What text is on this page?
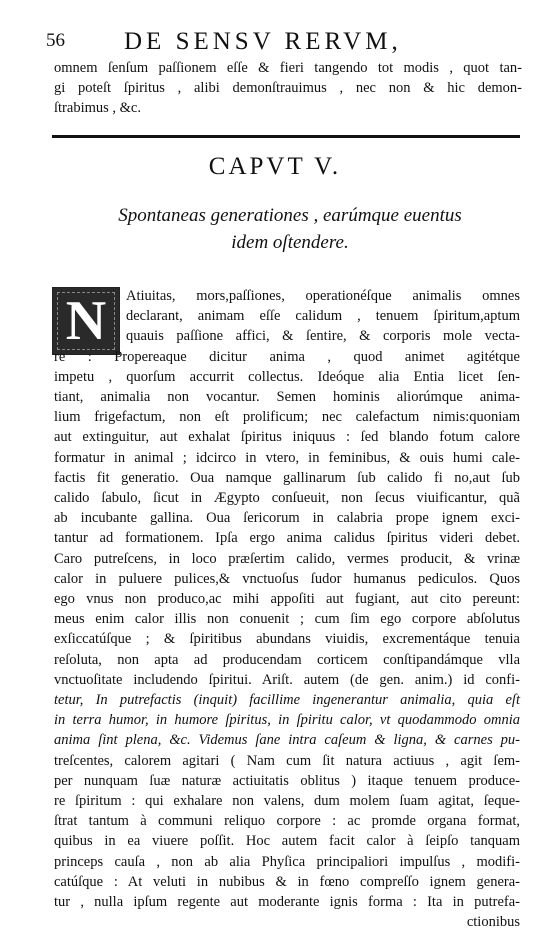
56 DE SENSV RERVM,
omnem ſenſum paſſionem eſſe & fieri tangendo tot modis , quot tan-
gi poteſt ſpiritus , alibi demonſtrauimus , nec non & hic demon-
ſtrabimus , &c.
CAPVT V.
Spontaneas generationes , earúmque euentus
idem oſtendere.
N	Atiuitas, mors,paſſiones, operationéſque animalis omnes
declarant, animam eſſe calidum , tenuem ſpiritum,aptum
quauis paſſione affici, & ſentire, & corporis mole vecta-
re : Propereaque dicitur anima , quod animet agitétque
impetu , quorſum accurrit collectus. Ideóque alia Entia licet ſen-
tiant, animalia non vocantur. Semen hominis aliorúmque anima-
lium frigefactum, non eſt prolificum; nec calefactum nimis:quoniam
aut extinguitur, aut exhalat ſpiritus iniquus : ſed blando fotum calore
formatur in animal ; idcirco in vtero, in feminibus, & ouis humi cale-
factis fit generatio. Oua namque gallinarum ſub calido fi no,aut ſub
calido ſabulo, ſicut in Ægypto conſueuit, non ſecus viuificantur, quã
ab incubante gallina. Oua ſericorum in calabria prope ignem exci-
tantur ad formationem. Ipſa ergo anima calidus ſpiritus videri debet.
Caro putreſcens, in loco præſertim calido, vermes producit, & vrinæ
calor in puluere pulices,& vnctuoſus ſudor humanus pediculos. Quos
ego vnus non produco,ac mihi appoſiti aut fugiant, aut cito pereunt:
meus enim calor illis non conuenit ; cum ſim ego corpore abſolutus
exſiccatúſque ; & ſpiritibus abundans viuidis, excrementáque tenuia
reſoluta, non apta ad producendam corticem conſtipandámque vlla
vnctuoſitate includendo ſpiritui. Ariſt. autem (de gen. anim.) id confi-
tetur, In putrefactis (inquit) facillime ingenerantur animalia, quia eſt
in terra humor, in humore ſpiritus, in ſpiritu calor, vt quodammodo omnia
anima ſint plena, &c. Videmus ſane intra caſeum & ligna, & carnes pu-
treſcentes, calorem agitari ( Nam cum ſit natura actiuus , agit ſem-
per nunquam ſuæ naturæ actiuitatis oblitus ) itaque tenuem produce-
re ſpiritum : qui exhalare non valens, dum molem ſuam agitat, ſeque-
ſtrat tantum à communi reliquo corpore : ac promde organa format,
quibus in ea viuere poſſit. Hoc autem facit calor à ſeipſo tanquam
princeps cauſa , non ab alia Phyſica principaliori impulſus , modifi-
catúſque : At veluti in nubibus & in fœno compreſſo ignem genera-
tur , nulla ipſum regente aut moderante ignis forma : Ita in putrefa-
ctionibus
